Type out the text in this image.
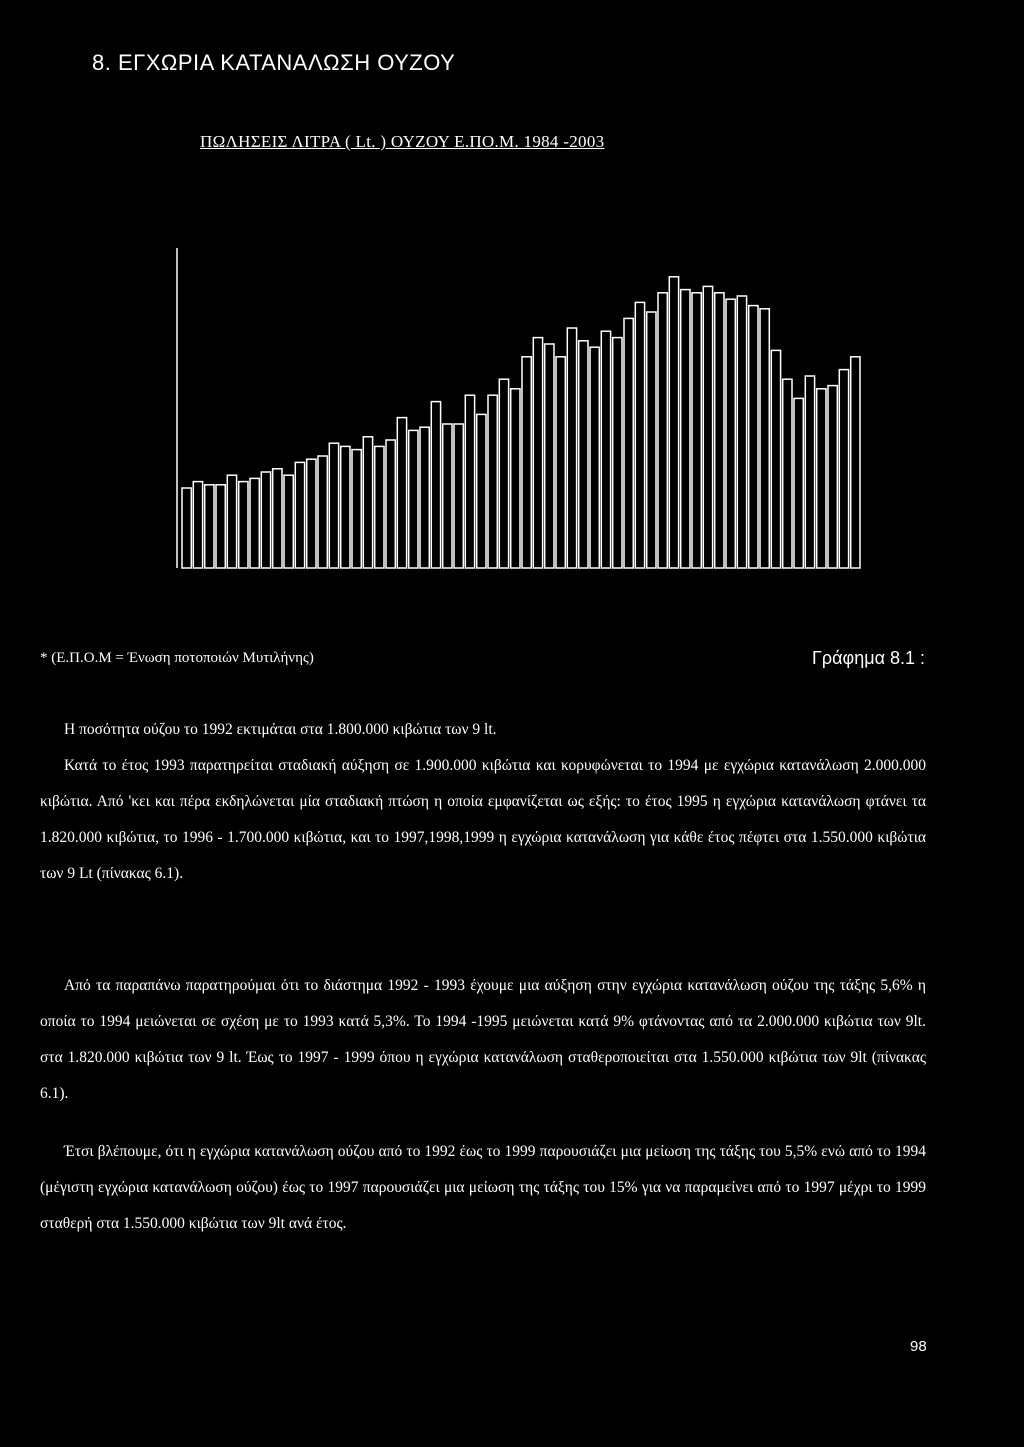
8. ΕΓΧΩΡΙΑ ΚΑΤΑΝΑΛΩΣΗ ΟΥΖΟΥ
ΠΩΛΗΣΕΙΣ ΛΙΤΡΑ ( Lt. ) ΟΥΖΟΥ Ε.ΠΟ.Μ. 1984 -2003
* (Ε.Π.Ο.Μ = Ένωση ποτοποιών Μυτιλήνης)	Γράφημα 8.1 :

Η ποσότητα ούζου το 1992 εκτιμάται στα 1.800.000 κιβώτια των 9 lt.

Κατά το έτος 1993 παρατηρείται σταδιακή αύξηση σε 1.900.000 κιβώτια και κορυφώνεται το 1994 με εγχώρια κατανάλωση 2.000.000 κιβώτια. Από 'κει και πέρα εκδηλώνεται μία σταδιακή πτώση η οποία εμφανίζεται ως εξής: το έτος 1995 η εγχώρια κατανάλωση φτάνει τα 1.820.000 κιβώτια, το 1996 - 1.700.000 κιβώτια, και το 1997,1998,1999 η εγχώρια κατανάλωση για κάθε έτος πέφτει στα 1.550.000 κιβώτια των 9 Lt (πίνακας 6.1).

Από τα παραπάνω παρατηρούμαι ότι το διάστημα 1992 - 1993 έχουμε μια αύξηση στην εγχώρια κατανάλωση ούζου της τάξης 5,6% η οποία το 1994 μειώνεται σε σχέση με το 1993 κατά 5,3%. Το 1994 -1995 μειώνεται κατά 9% φτάνοντας από τα 2.000.000 κιβώτια των 9lt. στα 1.820.000 κιβώτια των 9 lt. Έως το 1997 - 1999 όπου η εγχώρια κατανάλωση σταθεροποιείται στα 1.550.000 κιβώτια των 9lt (πίνακας 6.1).

Έτσι βλέπουμε, ότι η εγχώρια κατανάλωση ούζου από το 1992 έως το 1999 παρουσιάζει μια μείωση της τάξης του 5,5% ενώ από το 1994 (μέγιστη εγχώρια κατανάλωση ούζου) έως το 1997 παρουσιάζει μια μείωση της τάξης του 15% για να παραμείνει από το 1997 μέχρι το 1999 σταθερή στα 1.550.000 κιβώτια των 9lt ανά έτος.

98
